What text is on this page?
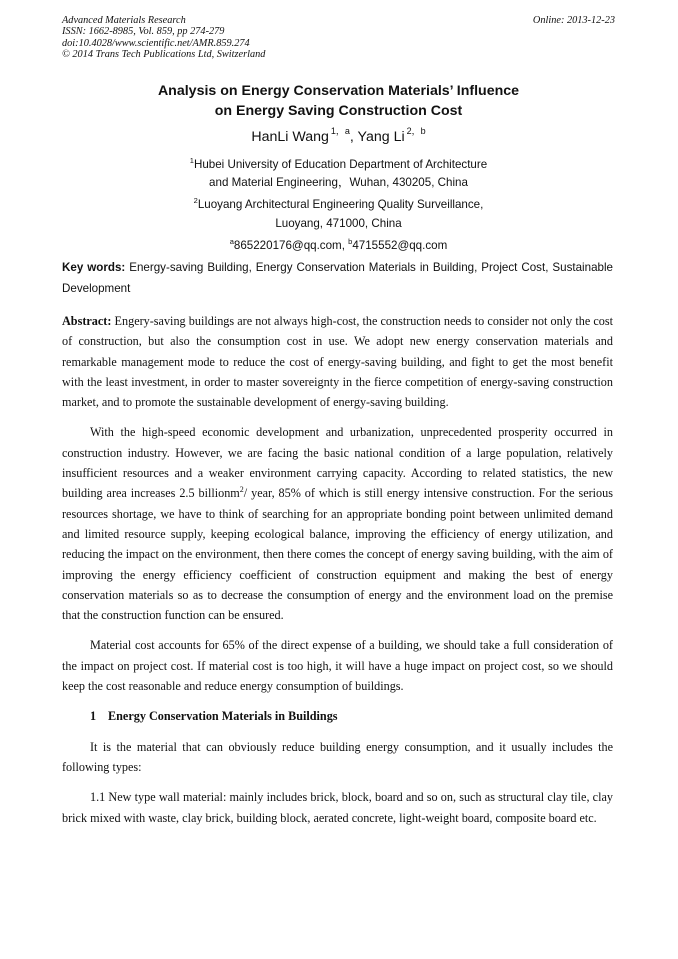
Advanced Materials Research
ISSN: 1662-8985, Vol. 859, pp 274-279
doi:10.4028/www.scientific.net/AMR.859.274
© 2014 Trans Tech Publications Ltd, Switzerland
Online: 2013-12-23
Analysis on Energy Conservation Materials’ Influence
on Energy Saving Construction Cost
HanLi Wang $^{1,a}$, Yang Li $^{2,b}$
$^1$Hubei University of Education Department of Architecture
and Material Engineering，Wuhan, 430205, China
$^2$Luoyang Architectural Engineering Quality Surveillance,
Luoyang, 471000, China
$^a$865220176@qq.com, $^b$4715552@qq.com
Key words: Energy-saving Building, Energy Conservation Materials in Building, Project Cost, Sustainable Development

Abstract: Engery-saving buildings are not always high-cost, the construction needs to consider not only the cost of construction, but also the consumption cost in use. We adopt new energy conservation materials and remarkable management mode to reduce the cost of energy-saving building, and fight to get the most benefit with the least investment, in order to master sovereignty in the fierce competition of energy-saving construction market, and to promote the sustainable development of energy-saving building.

With the high-speed economic development and urbanization, unprecedented prosperity occurred in construction industry. However, we are facing the basic national condition of a large population, relatively insufficient resources and a weaker environment carrying capacity. According to related statistics, the new building area increases 2.5 billionm$^2$/ year, 85% of which is still energy intensive construction. For the serious resources shortage, we have to think of searching for an appropriate bonding point between unlimited demand and limited resource supply, keeping ecological balance, improving the efficiency of energy utilization, and reducing the impact on the environment, then there comes the concept of energy saving building, with the aim of improving the energy efficiency coefficient of construction equipment and making the best of energy conservation materials so as to decrease the consumption of energy and the environment load on the premise that the construction function can be ensured.

Material cost accounts for 65% of the direct expense of a building, we should take a full consideration of the impact on project cost. If material cost is too high, it will have a huge impact on project cost, so we should keep the cost reasonable and reduce energy consumption of buildings.

1 Energy Conservation Materials in Buildings

It is the material that can obviously reduce building energy consumption, and it usually includes the following types:

1.1 New type wall material: mainly includes brick, block, board and so on, such as structural clay tile, clay brick mixed with waste, clay brick, building block, aerated concrete, light-weight board, composite board etc.
